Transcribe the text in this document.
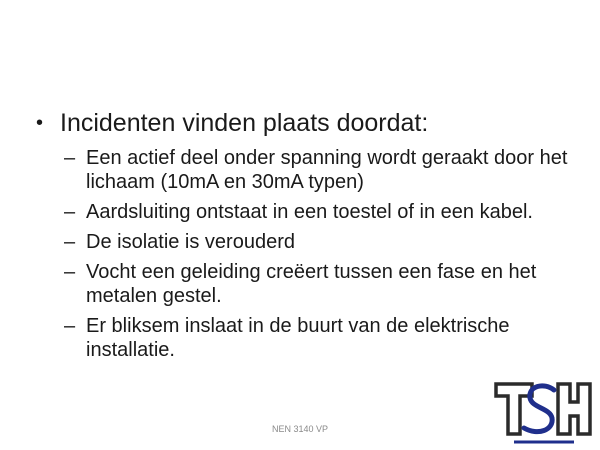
• Incidenten vinden plaats doordat:
– Een actief deel onder spanning wordt geraakt door het lichaam (10mA en 30mA typen)
– Aardsluiting ontstaat in een toestel of in een kabel.
– De isolatie is verouderd
– Vocht een geleiding creëert tussen een fase en het metalen gestel.
– Er bliksem inslaat in de buurt van de elektrische installatie.
NEN 3140 VP
